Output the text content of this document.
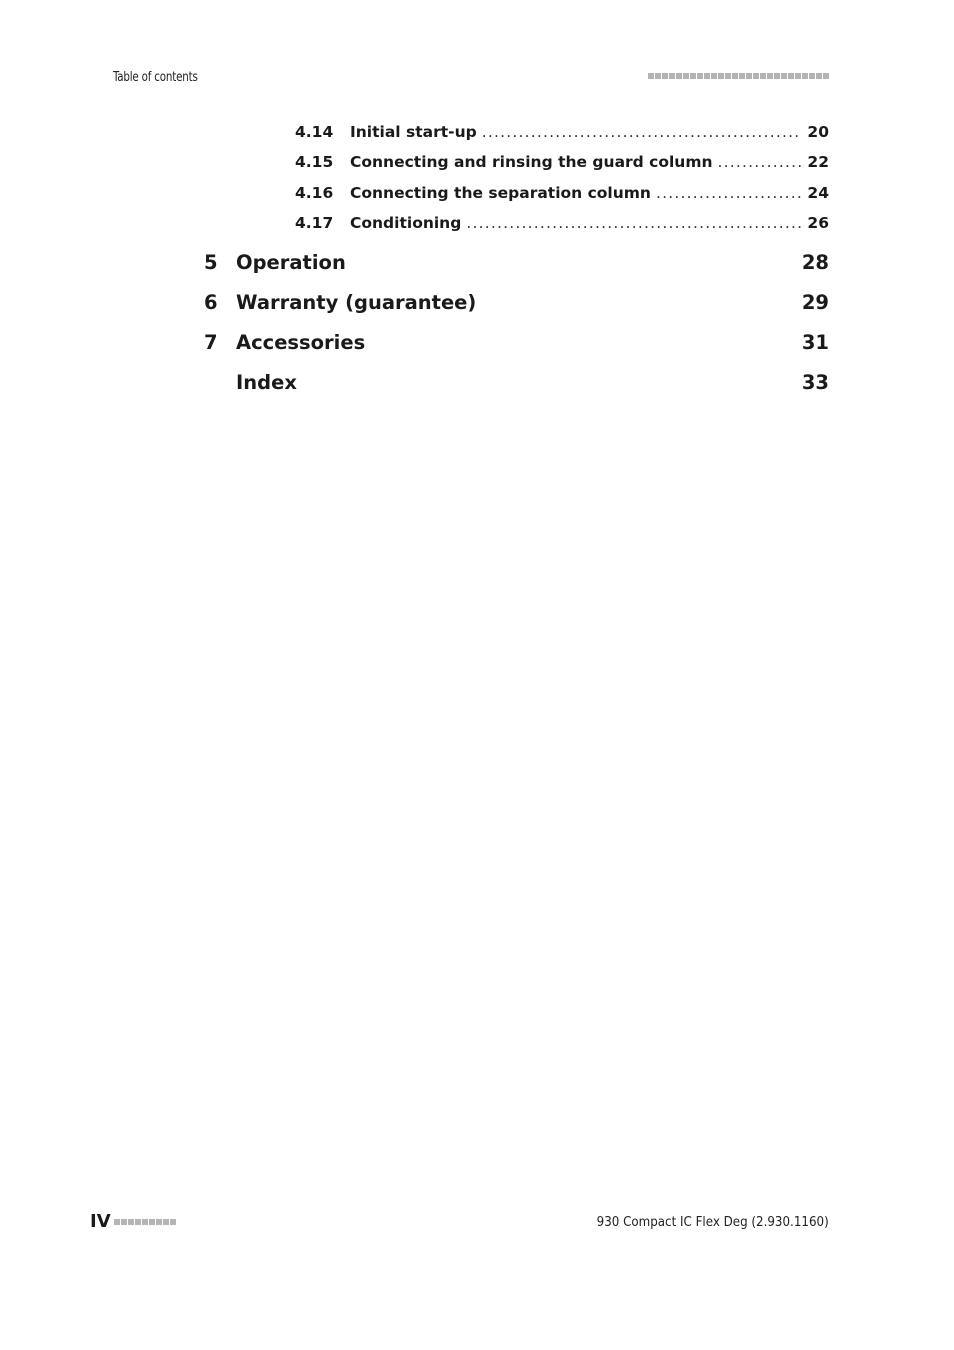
Table of contents
4.14	Initial start-up .....	20
4.15	Connecting and rinsing the guard column .....	22
4.16	Connecting the separation column .....	24
4.17	Conditioning .....	26
5 Operation	28
6 Warranty (guarantee)	29
7 Accessories	31
Index	33
IV	930 Compact IC Flex Deg (2.930.1160)
